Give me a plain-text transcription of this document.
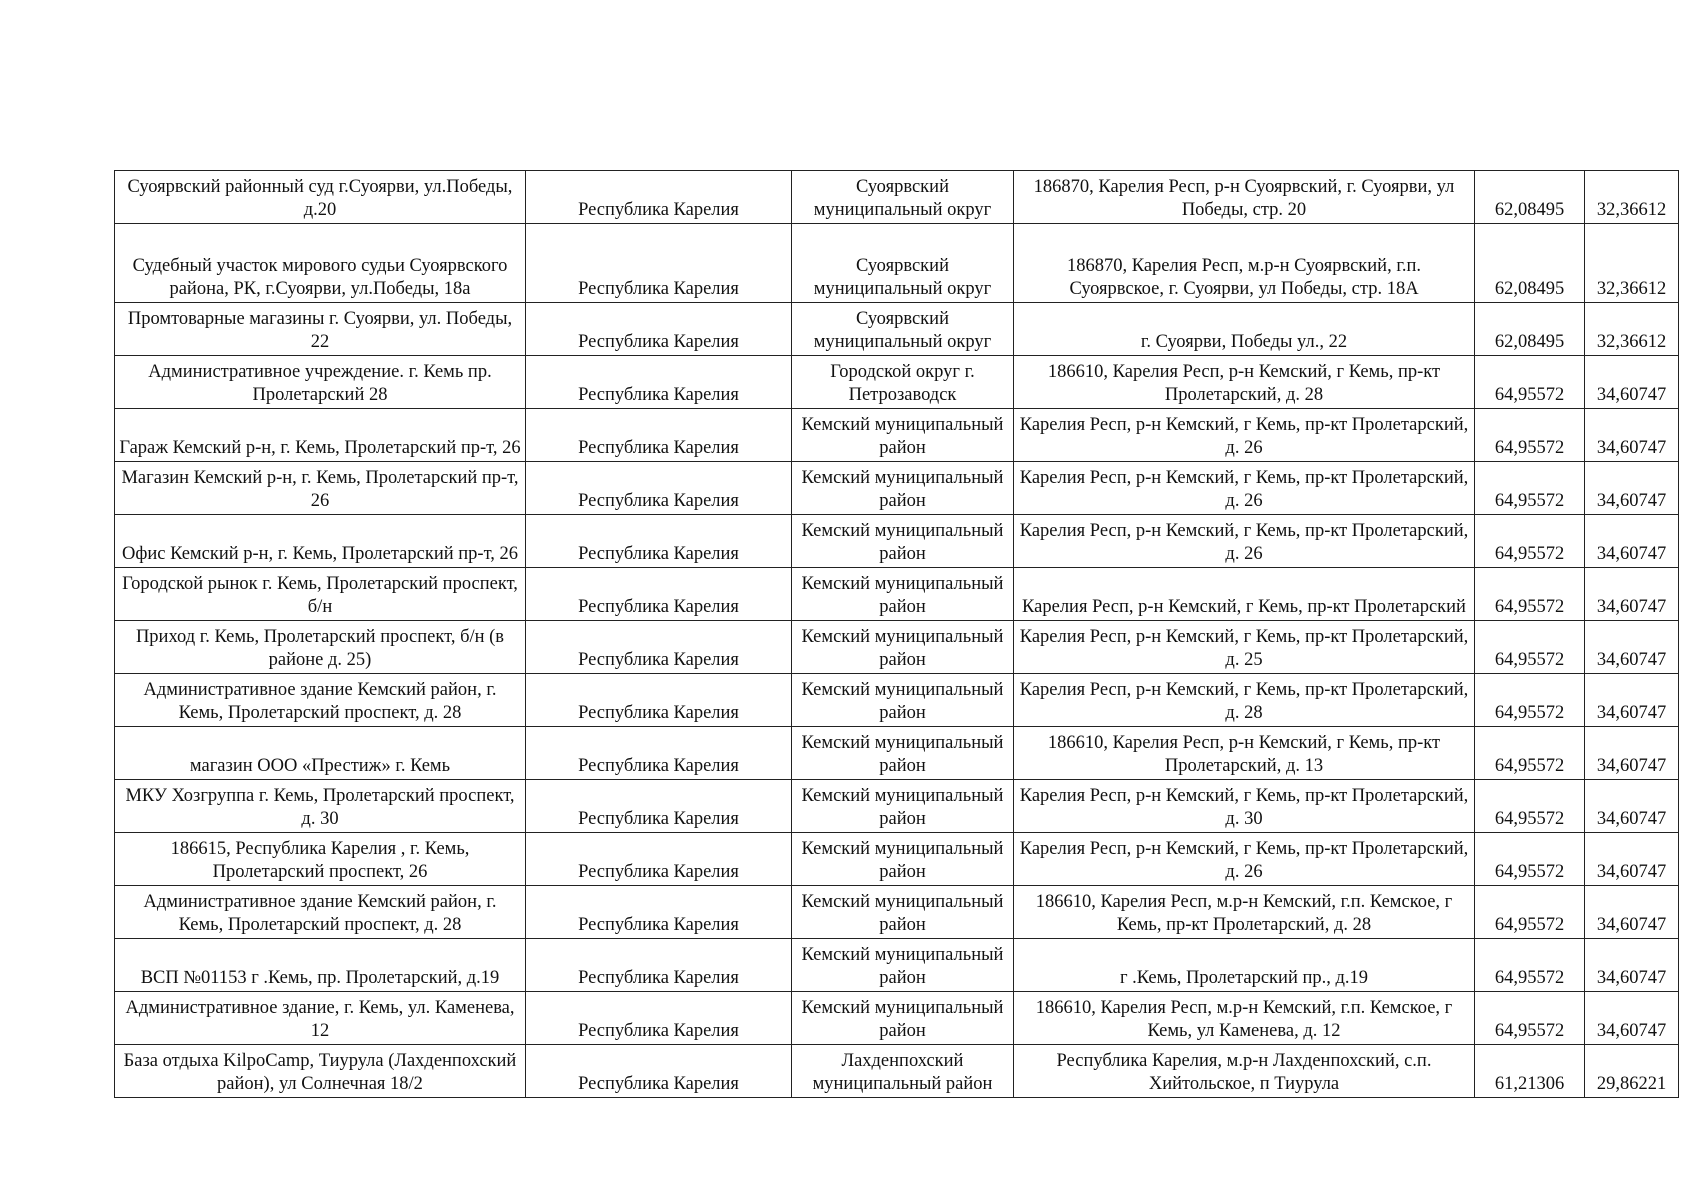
Суоярвский районный суд г.Суоярви, ул.Победы, д.20	Республика Карелия	Суоярвский муниципальный округ	186870, Карелия Респ, р-н Суоярвский, г. Суоярви, ул Победы, стр. 20	62,08495	32,36612
Судебный участок мирового судьи Суоярвского района, РК, г.Суоярви, ул.Победы, 18а	Республика Карелия	Суоярвский муниципальный округ	186870, Карелия Респ, м.р-н Суоярвский, г.п. Суоярвское, г. Суоярви, ул Победы, стр. 18А	62,08495	32,36612
Промтоварные магазины г. Суоярви, ул. Победы, 22	Республика Карелия	Суоярвский муниципальный округ	г. Суоярви, Победы ул., 22	62,08495	32,36612
Административное учреждение. г. Кемь пр. Пролетарский 28	Республика Карелия	Городской округ г. Петрозаводск	186610, Карелия Респ, р-н Кемский, г Кемь, пр-кт Пролетарский, д. 28	64,95572	34,60747
Гараж Кемский р-н, г. Кемь, Пролетарский пр-т, 26	Республика Карелия	Кемский муниципальный район	Карелия Респ, р-н Кемский, г Кемь, пр-кт Пролетарский, д. 26	64,95572	34,60747
Магазин Кемский р-н, г. Кемь, Пролетарский пр-т, 26	Республика Карелия	Кемский муниципальный район	Карелия Респ, р-н Кемский, г Кемь, пр-кт Пролетарский, д. 26	64,95572	34,60747
Офис Кемский р-н, г. Кемь, Пролетарский пр-т, 26	Республика Карелия	Кемский муниципальный район	Карелия Респ, р-н Кемский, г Кемь, пр-кт Пролетарский, д. 26	64,95572	34,60747
Городской рынок г. Кемь, Пролетарский проспект, б/н	Республика Карелия	Кемский муниципальный район	Карелия Респ, р-н Кемский, г Кемь, пр-кт Пролетарский	64,95572	34,60747
Приход г. Кемь, Пролетарский проспект, б/н (в районе д. 25)	Республика Карелия	Кемский муниципальный район	Карелия Респ, р-н Кемский, г Кемь, пр-кт Пролетарский, д. 25	64,95572	34,60747
Административное здание Кемский район, г. Кемь, Пролетарский проспект, д. 28	Республика Карелия	Кемский муниципальный район	Карелия Респ, р-н Кемский, г Кемь, пр-кт Пролетарский, д. 28	64,95572	34,60747
магазин ООО «Престиж» г. Кемь	Республика Карелия	Кемский муниципальный район	186610, Карелия Респ, р-н Кемский, г Кемь, пр-кт Пролетарский, д. 13	64,95572	34,60747
МКУ Хозгруппа г. Кемь, Пролетарский проспект, д. 30	Республика Карелия	Кемский муниципальный район	Карелия Респ, р-н Кемский, г Кемь, пр-кт Пролетарский, д. 30	64,95572	34,60747
186615, Республика Карелия , г. Кемь, Пролетарский проспект, 26	Республика Карелия	Кемский муниципальный район	Карелия Респ, р-н Кемский, г Кемь, пр-кт Пролетарский, д. 26	64,95572	34,60747
Административное здание Кемский район, г. Кемь, Пролетарский проспект, д. 28	Республика Карелия	Кемский муниципальный район	186610, Карелия Респ, м.р-н Кемский, г.п. Кемское, г Кемь, пр-кт Пролетарский, д. 28	64,95572	34,60747
ВСП №01153 г .Кемь, пр. Пролетарский, д.19	Республика Карелия	Кемский муниципальный район	г .Кемь, Пролетарский пр., д.19	64,95572	34,60747
Административное здание, г. Кемь, ул. Каменева, 12	Республика Карелия	Кемский муниципальный район	186610, Карелия Респ, м.р-н Кемский, г.п. Кемское, г Кемь, ул Каменева, д. 12	64,95572	34,60747
База отдыха KilpoCamp, Тиурула (Лахденпохский район), ул Солнечная 18/2	Республика Карелия	Лахденпохский муниципальный район	Республика Карелия, м.р-н Лахденпохский, с.п. Хийтольское, п Тиурула	61,21306	29,86221
